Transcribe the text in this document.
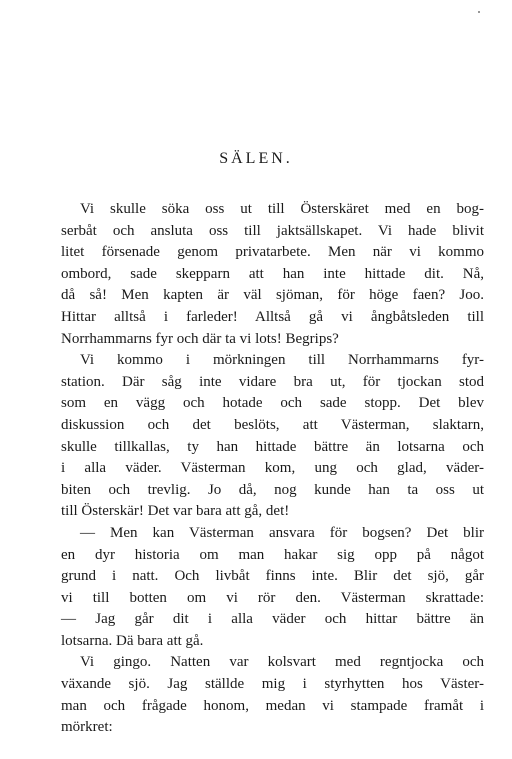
SÄLEN.
Vi skulle söka oss ut till Österskäret med en bog-
serbåt och ansluta oss till jaktsällskapet. Vi hade blivit
litet försenade genom privatarbete. Men när vi kommo
ombord, sade skepparn att han inte hittade dit. Nå,
då så! Men kapten är väl sjöman, för höge faen? Joo.
Hittar alltså i farleder! Alltså gå vi ångbåtsleden till
Norrhammarns fyr och där ta vi lots! Begrips?
Vi kommo i mörkningen till Norrhammarns fyr-
station. Där såg inte vidare bra ut, för tjockan stod
som en vägg och hotade och sade stopp. Det blev
diskussion och det beslöts, att Västerman, slaktarn,
skulle tillkallas, ty han hittade bättre än lotsarna och
i alla väder. Västerman kom, ung och glad, väder-
biten och trevlig. Jo då, nog kunde han ta oss ut
till Österskär! Det var bara att gå, det!
— Men kan Västerman ansvara för bogsen? Det blir
en dyr historia om man hakar sig opp på något
grund i natt. Och livbåt finns inte. Blir det sjö, går
vi till botten om vi rör den. Västerman skrattade:
— Jag går dit i alla väder och hittar bättre än
lotsarna. Dä bara att gå.
Vi gingo. Natten var kolsvart med regntjocka och
växande sjö. Jag ställde mig i styrhytten hos Väster-
man och frågade honom, medan vi stampade framåt i
mörkret:
